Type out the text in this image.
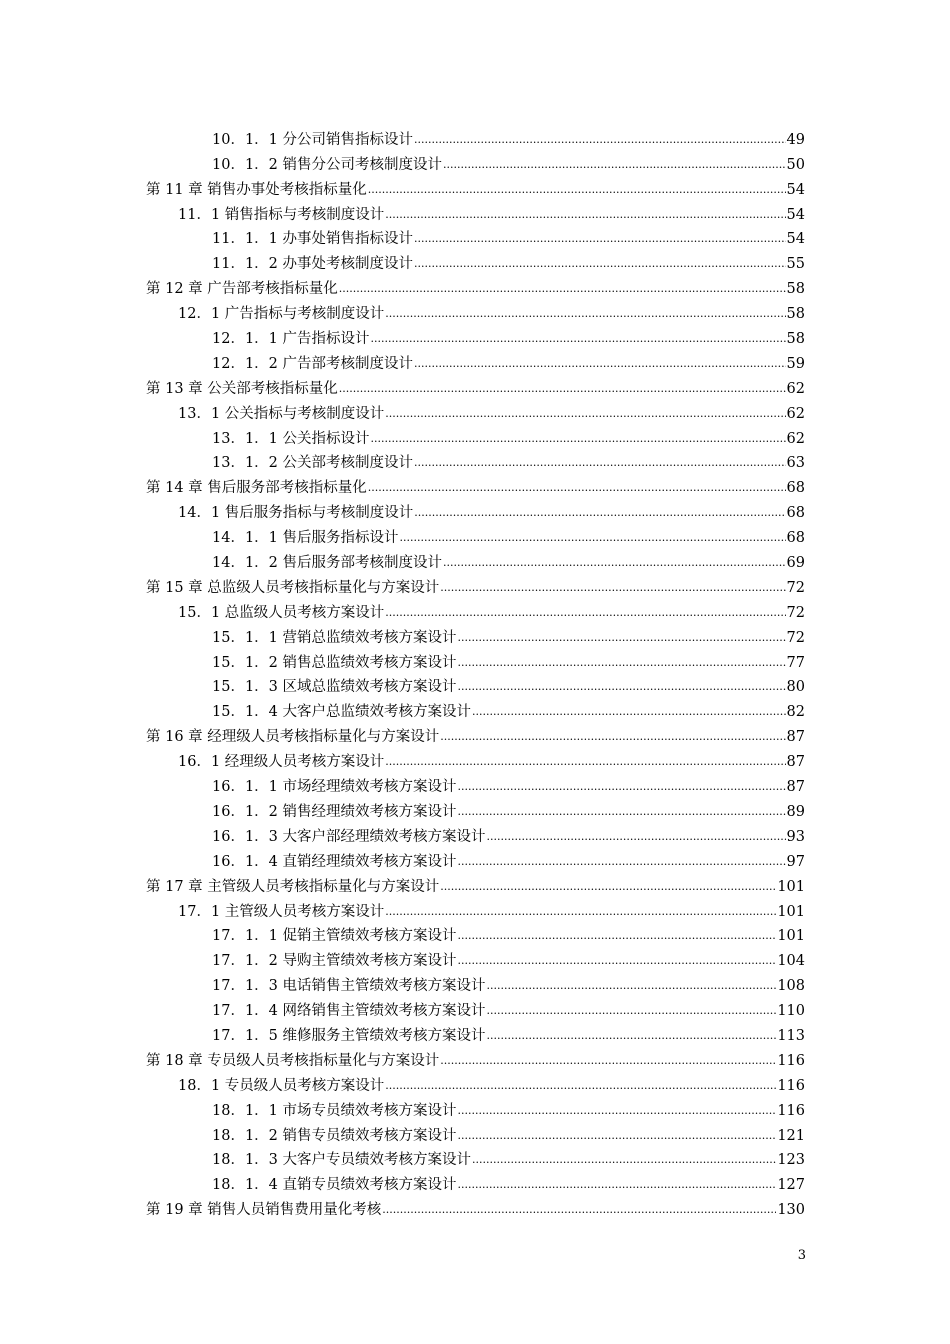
10．1．1 分公司销售指标设计 .....	49
10．1．2 销售分公司考核制度设计 .....	50
第 11 章 销售办事处考核指标量化 .....	54
11．1 销售指标与考核制度设计 .....	54
11．1．1 办事处销售指标设计 .....	54
11．1．2 办事处考核制度设计 .....	55
第 12 章 广告部考核指标量化 .....	58
12．1 广告指标与考核制度设计 .....	58
12．1．1 广告指标设计 .....	58
12．1．2 广告部考核制度设计 .....	59
第 13 章 公关部考核指标量化 .....	62
13．1 公关指标与考核制度设计 .....	62
13．1．1 公关指标设计 .....	62
13．1．2 公关部考核制度设计 .....	63
第 14 章 售后服务部考核指标量化 .....	68
14．1 售后服务指标与考核制度设计 .....	68
14．1．1 售后服务指标设计 .....	68
14．1．2 售后服务部考核制度设计 .....	69
第 15 章 总监级人员考核指标量化与方案设计 .....	72
15．1 总监级人员考核方案设计 .....	72
15．1．1 营销总监绩效考核方案设计 .....	72
15．1．2 销售总监绩效考核方案设计 .....	77
15．1．3 区域总监绩效考核方案设计 .....	80
15．1．4 大客户总监绩效考核方案设计 .....	82
第 16 章 经理级人员考核指标量化与方案设计 .....	87
16．1 经理级人员考核方案设计 .....	87
16．1．1 市场经理绩效考核方案设计 .....	87
16．1．2 销售经理绩效考核方案设计 .....	89
16．1．3 大客户部经理绩效考核方案设计 .....	93
16．1．4 直销经理绩效考核方案设计 .....	97
第 17 章 主管级人员考核指标量化与方案设计 .....	101
17．1 主管级人员考核方案设计 .....	101
17．1．1 促销主管绩效考核方案设计 .....	101
17．1．2 导购主管绩效考核方案设计 .....	104
17．1．3 电话销售主管绩效考核方案设计 .....	108
17．1．4 网络销售主管绩效考核方案设计 .....	110
17．1．5 维修服务主管绩效考核方案设计 .....	113
第 18 章 专员级人员考核指标量化与方案设计 .....	116
18．1 专员级人员考核方案设计 .....	116
18．1．1 市场专员绩效考核方案设计 .....	116
18．1．2 销售专员绩效考核方案设计 .....	121
18．1．3 大客户专员绩效考核方案设计 .....	123
18．1．4 直销专员绩效考核方案设计 .....	127
第 19 章 销售人员销售费用量化考核 .....	130
3
